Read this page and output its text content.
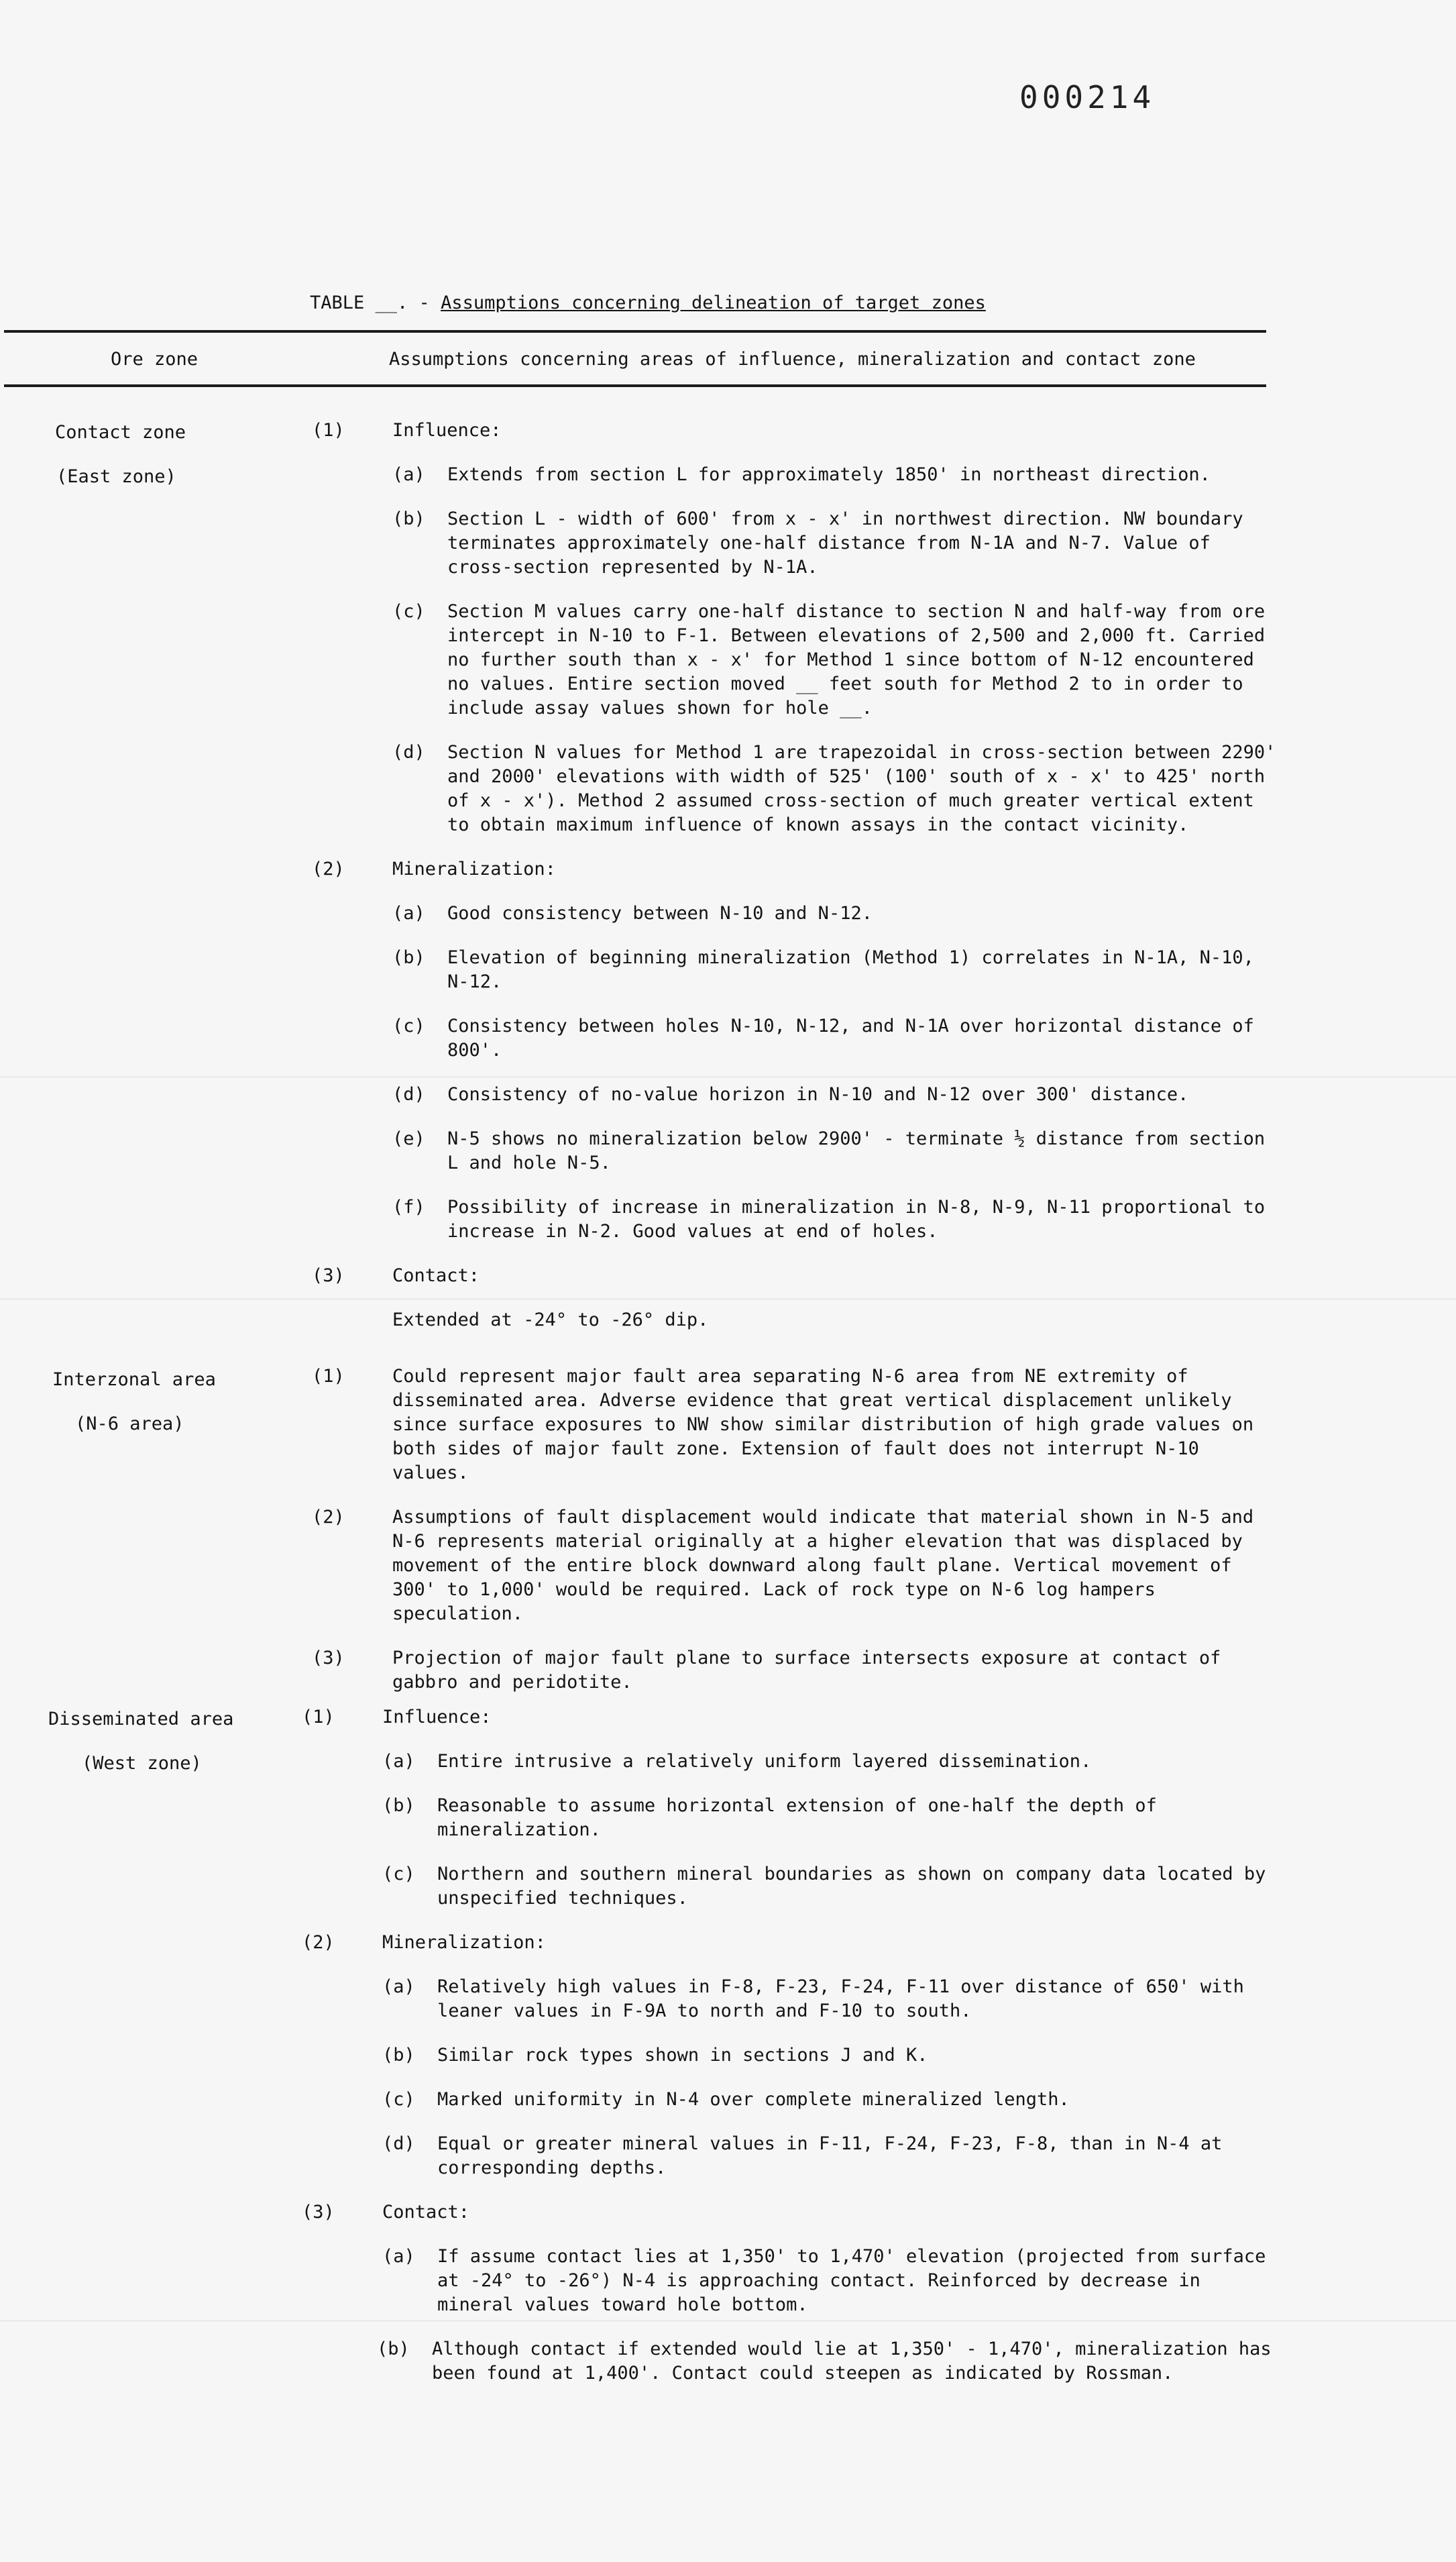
000214
TABLE __. - Assumptions concerning delineation of target zones
Ore zone	Assumptions concerning areas of influence, mineralization and contact zone
Contact zone
(East zone)
(1)	Influence:
(a)	Extends from section L for approximately 1850' in northeast direction.
(b)	Section L - width of 600' from x - x' in northwest direction. NW boundary terminates approximately one-half distance from N-1A and N-7. Value of cross-section represented by N-1A.
(c)	Section M values carry one-half distance to section N and half-way from ore intercept in N-10 to F-1. Between elevations of 2,500 and 2,000 ft. Carried no further south than x - x' for Method 1 since bottom of N-12 encountered no values. Entire section moved __ feet south for Method 2 to in order to include assay values shown for hole __.
(d)	Section N values for Method 1 are trapezoidal in cross-section between 2290' and 2000' elevations with width of 525' (100' south of x - x' to 425' north of x - x'). Method 2 assumed cross-section of much greater vertical extent to obtain maximum influence of known assays in the contact vicinity.
(2)	Mineralization:
(a)	Good consistency between N-10 and N-12.
(b)	Elevation of beginning mineralization (Method 1) correlates in N-1A, N-10, N-12.
(c)	Consistency between holes N-10, N-12, and N-1A over horizontal distance of 800'.
(d)	Consistency of no-value horizon in N-10 and N-12 over 300' distance.
(e)	N-5 shows no mineralization below 2900' - terminate ½ distance from section L and hole N-5.
(f)	Possibility of increase in mineralization in N-8, N-9, N-11 proportional to increase in N-2. Good values at end of holes.
(3)	Contact:
Extended at -24° to -26° dip.
Interzonal area
(N-6 area)
(1)	Could represent major fault area separating N-6 area from NE extremity of disseminated area. Adverse evidence that great vertical displacement unlikely since surface exposures to NW show similar distribution of high grade values on both sides of major fault zone. Extension of fault does not interrupt N-10 values.
(2)	Assumptions of fault displacement would indicate that material shown in N-5 and N-6 represents material originally at a higher elevation that was displaced by movement of the entire block downward along fault plane. Vertical movement of 300' to 1,000' would be required. Lack of rock type on N-6 log hampers speculation.
(3)	Projection of major fault plane to surface intersects exposure at contact of gabbro and peridotite.
Disseminated area
(West zone)
(1)	Influence:
(a)	Entire intrusive a relatively uniform layered dissemination.
(b)	Reasonable to assume horizontal extension of one-half the depth of mineralization.
(c)	Northern and southern mineral boundaries as shown on company data located by unspecified techniques.
(2)	Mineralization:
(a)	Relatively high values in F-8, F-23, F-24, F-11 over distance of 650' with leaner values in F-9A to north and F-10 to south.
(b)	Similar rock types shown in sections J and K.
(c)	Marked uniformity in N-4 over complete mineralized length.
(d)	Equal or greater mineral values in F-11, F-24, F-23, F-8, than in N-4 at corresponding depths.
(3)	Contact:
(a)	If assume contact lies at 1,350' to 1,470' elevation (projected from surface at -24° to -26°) N-4 is approaching contact. Reinforced by decrease in mineral values toward hole bottom.
(b)	Although contact if extended would lie at 1,350' - 1,470', mineralization has been found at 1,400'. Contact could steepen as indicated by Rossman.
